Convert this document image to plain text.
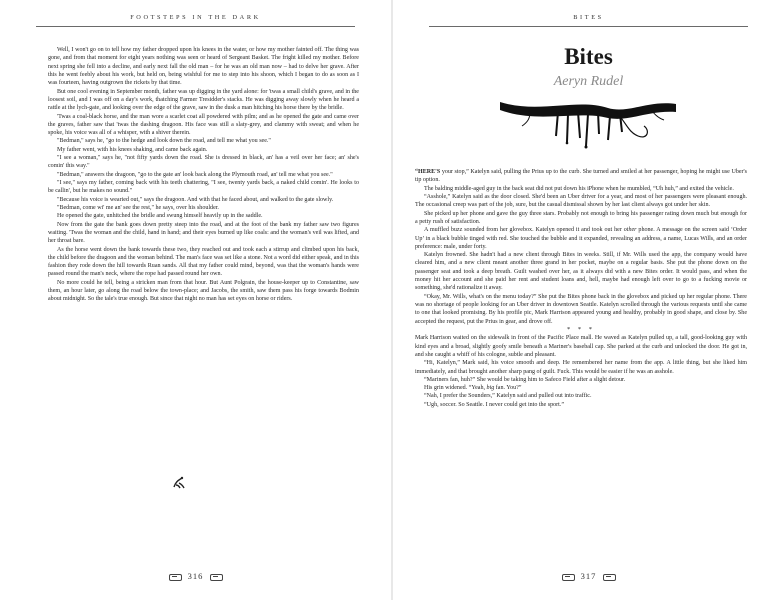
FOOTSTEPS IN THE DARK

Well, I won't go on to tell how my father dropped upon his knees in the water, or how my mother fainted off. The thing was gone, and from that moment for eight years nothing was seen or heard of Sergeant Basket. The fright killed my mother. Before next spring she fell into a decline, and early next fall the old man – for he was an old man now – had to delve her grave. After this he went feebly about his work, but held on, being wishful for me to step into his shoon, which I began to do as soon as I was fourteen, having outgrown the rickets by that time.

But one cool evening in September month, father was up digging in the yard alone: for 'twas a small child's grave, and in the loosest soil, and I was off on a day's work, thatching Farmer Tresidder's stacks. He was digging away slowly when he heard a rattle at the lych-gate, and looking over the edge of the grave, saw in the dusk a man hitching his horse there by the bridle.

'Twas a coal-black horse, and the man wore a scarlet coat all powdered with pilm; and as he opened the gate and came over the graves, father saw that 'twas the dashing dragoon. His face was still a slaty-grey, and clammy with sweat; and when he spoke, his voice was all of a whisper, with a shiver therein.

"Bedman," says he, "go to the hedge and look down the road, and tell me what you see."

My father went, with his knees shaking, and came back again.

"I see a woman," says he, "not fifty yards down the road. She is dressed in black, an' has a veil over her face; an' she's comin' this way."

"Bedman," answers the dragoon, "go to the gate an' look back along the Plymouth road, an' tell me what you see."

"I see," says my father, coming back with his teeth chattering, "I see, twenty yards back, a naked child comin'. He looks to be callin', but he makes no sound."

"Because his voice is wearied out," says the dragoon. And with that he faced about, and walked to the gate slowly.

"Bedman, come wi' me an' see the rest," he says, over his shoulder.

He opened the gate, unhitched the bridle and swung himself heavily up in the saddle.

Now from the gate the bank goes down pretty steep into the road, and at the foot of the bank my father saw two figures waiting. 'Twas the woman and the child, hand in hand; and their eyes burned up like coals: and the woman's veil was lifted, and her throat bare.

As the horse went down the bank towards these two, they reached out and took each a stirrup and climbed upon his back, the child before the dragoon and the woman behind. The man's face was set like a stone. Not a word did either speak, and in this fashion they rode down the hill towards Ruan sands. All that my father could mind, beyond, was that the woman's hands were passed round the man's neck, where the rope had passed round her own.

No more could he tell, being a stricken man from that hour. But Aunt Polgrain, the house-keeper up to Constantine, saw them, an hour later, go along the road below the town-place; and Jacobs, the smith, saw them pass his forge towards Bodmin about midnight. So the tale's true enough. But since that night no man has set eyes on horse or riders.

316
BITES
Bites
Aeryn Rudel

“HERE'S your stop,” Katelyn said, pulling the Prius up to the curb. She turned and smiled at her passenger, hoping he might use Uber's tip option.

The balding middle-aged guy in the back seat did not put down his iPhone when he mumbled, “Uh huh,” and exited the vehicle.

“Asshole,” Katelyn said as the door closed. She'd been an Uber driver for a year, and most of her passengers were pleasant enough. The occasional creep was part of the job, sure, but the casual dismissal shown by her last client always got under her skin.

She picked up her phone and gave the guy three stars. Probably not enough to bring his passenger rating down much but enough for a petty rush of satisfaction.

A muffled buzz sounded from her glovebox. Katelyn opened it and took out her other phone. A message on the screen said ‘Order Up’ in a black bubble tinged with red. She touched the bubble and it expanded, revealing an address, a name, Lucas Wills, and an order preference: male, under forty.

Katelyn frowned. She hadn't had a new client through Bites in weeks. Still, if Mr. Wills used the app, the company would have cleared him, and a new client meant another three grand in her pocket, maybe on a regular basis. She put the phone down on the passenger seat and took a deep breath. Guilt washed over her, as it always did with a new Bites order. It would pass, and when the money hit her account and she paid her rent and student loans and, hell, maybe had enough left over to go to a fucking movie or something, she'd rationalize it away.

“Okay, Mr. Wills, what's on the menu today?” She put the Bites phone back in the glovebox and picked up her regular phone. There was no shortage of people looking for an Uber driver in downtown Seattle. Katelyn scrolled through the various requests until she came to one that looked promising. By his profile pic, Mark Harrison appeared young and healthy, probably in good shape, and close by. She accepted the request, put the Prius in gear, and drove off.

* * *

Mark Harrison waited on the sidewalk in front of the Pacific Place mall. He waved as Katelyn pulled up, a tall, good-looking guy with kind eyes and a broad, slightly goofy smile beneath a Mariner's baseball cap. She parked at the curb and unlocked the door. He got in, and she caught a whiff of his cologne, subtle and pleasant.

“Hi, Katelyn,” Mark said, his voice smooth and deep. He remembered her name from the app. A little thing, but she liked him immediately, and that brought another sharp pang of guilt. Fuck. This would be easier if he was an asshole.

“Mariners fan, huh?” She would be taking him to Safeco Field after a slight detour.

His grin widened. “Yeah, big fan. You?”

“Nah, I prefer the Sounders,” Katelyn said and pulled out into traffic.

“Ugh, soccer. So Seattle. I never could get into the sport.”

317
